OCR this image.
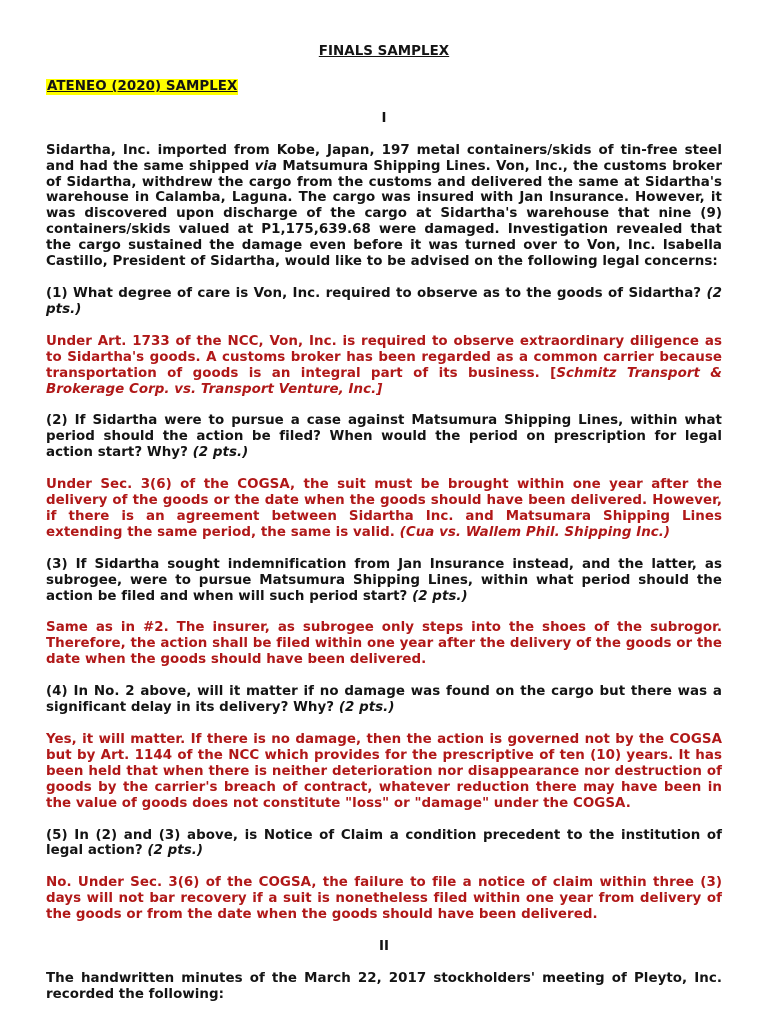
FINALS SAMPLEX
ATENEO (2020) SAMPLEX
I

Sidartha, Inc. imported from Kobe, Japan, 197 metal containers/skids of tin-free steel and had the same shipped via Matsumura Shipping Lines. Von, Inc., the customs broker of Sidartha, withdrew the cargo from the customs and delivered the same at Sidartha's warehouse in Calamba, Laguna. The cargo was insured with Jan Insurance. However, it was discovered upon discharge of the cargo at Sidartha's warehouse that nine (9) containers/skids valued at P1,175,639.68 were damaged. Investigation revealed that the cargo sustained the damage even before it was turned over to Von, Inc. Isabella Castillo, President of Sidartha, would like to be advised on the following legal concerns:

(1) What degree of care is Von, Inc. required to observe as to the goods of Sidartha? (2 pts.)

Under Art. 1733 of the NCC, Von, Inc. is required to observe extraordinary diligence as to Sidartha's goods. A customs broker has been regarded as a common carrier because transportation of goods is an integral part of its business. [Schmitz Transport & Brokerage Corp. vs. Transport Venture, Inc.]

(2) If Sidartha were to pursue a case against Matsumura Shipping Lines, within what period should the action be filed? When would the period on prescription for legal action start? Why? (2 pts.)

Under Sec. 3(6) of the COGSA, the suit must be brought within one year after the delivery of the goods or the date when the goods should have been delivered. However, if there is an agreement between Sidartha Inc. and Matsumara Shipping Lines extending the same period, the same is valid. (Cua vs. Wallem Phil. Shipping Inc.)

(3) If Sidartha sought indemnification from Jan Insurance instead, and the latter, as subrogee, were to pursue Matsumura Shipping Lines, within what period should the action be filed and when will such period start? (2 pts.)

Same as in #2. The insurer, as subrogee only steps into the shoes of the subrogor. Therefore, the action shall be filed within one year after the delivery of the goods or the date when the goods should have been delivered.

(4) In No. 2 above, will it matter if no damage was found on the cargo but there was a significant delay in its delivery? Why? (2 pts.)

Yes, it will matter. If there is no damage, then the action is governed not by the COGSA but by Art. 1144 of the NCC which provides for the prescriptive of ten (10) years. It has been held that when there is neither deterioration nor disappearance nor destruction of goods by the carrier's breach of contract, whatever reduction there may have been in the value of goods does not constitute "loss" or "damage" under the COGSA.

(5) In (2) and (3) above, is Notice of Claim a condition precedent to the institution of legal action? (2 pts.)

No. Under Sec. 3(6) of the COGSA, the failure to file a notice of claim within three (3) days will not bar recovery if a suit is nonetheless filed within one year from delivery of the goods or from the date when the goods should have been delivered.

II

The handwritten minutes of the March 22, 2017 stockholders' meeting of Pleyto, Inc. recorded the following:
